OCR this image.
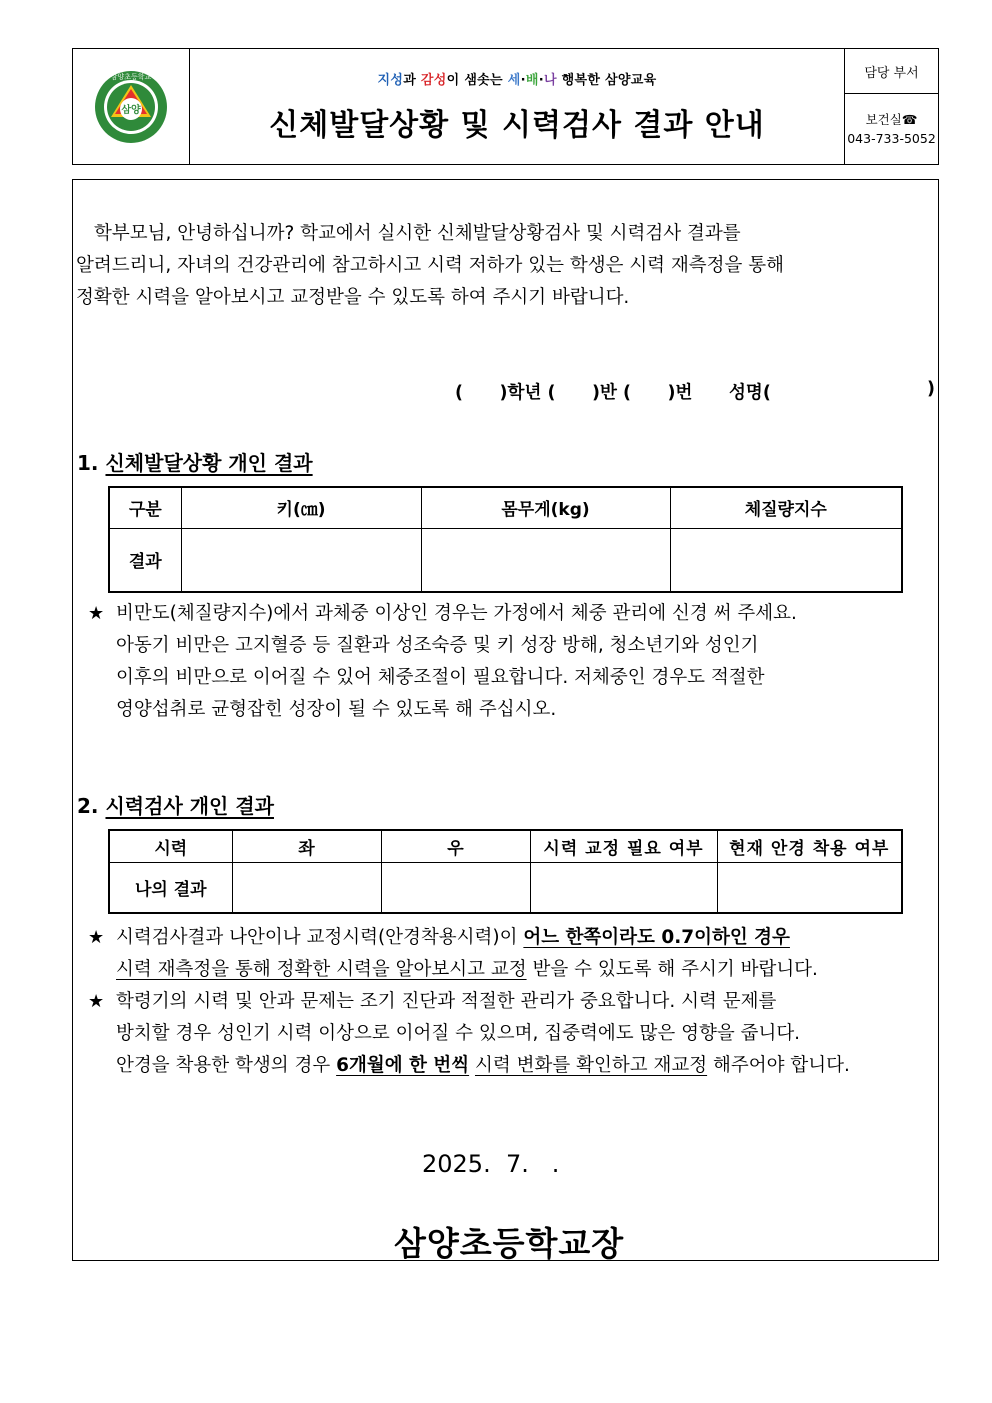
삼양
삼양초등학교	지성과 감성이 샘솟는 세·배·나 행복한 삼양교육
신체발달상황 및 시력검사 결과 안내
담당 부서
보건실☎
043-733-5052
학부모님, 안녕하십니까? 학교에서 실시한 신체발달상황검사 및 시력검사 결과를
알려드리니, 자녀의 건강관리에 참고하시고 시력 저하가 있는 학생은 시력 재측정을 통해
정확한 시력을 알아보시고 교정받을 수 있도록 하여 주시기 바랍니다.
(      )학년 (      )반 (      )번      성명(	)
1. 신체발달상황 개인 결과
구분	키(㎝)	몸무게(kg)	체질량지수
결과			
★ 비만도(체질량지수)에서 과체중 이상인 경우는 가정에서 체중 관리에 신경 써 주세요.
아동기 비만은 고지혈증 등 질환과 성조숙증 및 키 성장 방해, 청소년기와 성인기
이후의 비만으로 이어질 수 있어 체중조절이 필요합니다. 저체중인 경우도 적절한
영양섭취로 균형잡힌 성장이 될 수 있도록 해 주십시오.
2. 시력검사 개인 결과
시력	좌	우	시력 교정 필요 여부	현재 안경 착용 여부
나의 결과				
★ 시력검사결과 나안이나 교정시력(안경착용시력)이 어느 한쪽이라도 0.7이하인 경우
시력 재측정을 통해 정확한 시력을 알아보시고 교정 받을 수 있도록 해 주시기 바랍니다.
★ 학령기의 시력 및 안과 문제는 조기 진단과 적절한 관리가 중요합니다. 시력 문제를
방치할 경우 성인기 시력 이상으로 이어질 수 있으며, 집중력에도 많은 영향을 줍니다.
안경을 착용한 학생의 경우 6개월에 한 번씩 시력 변화를 확인하고 재교정 해주어야 합니다.
2025.  7.   .
삼양초등학교장
